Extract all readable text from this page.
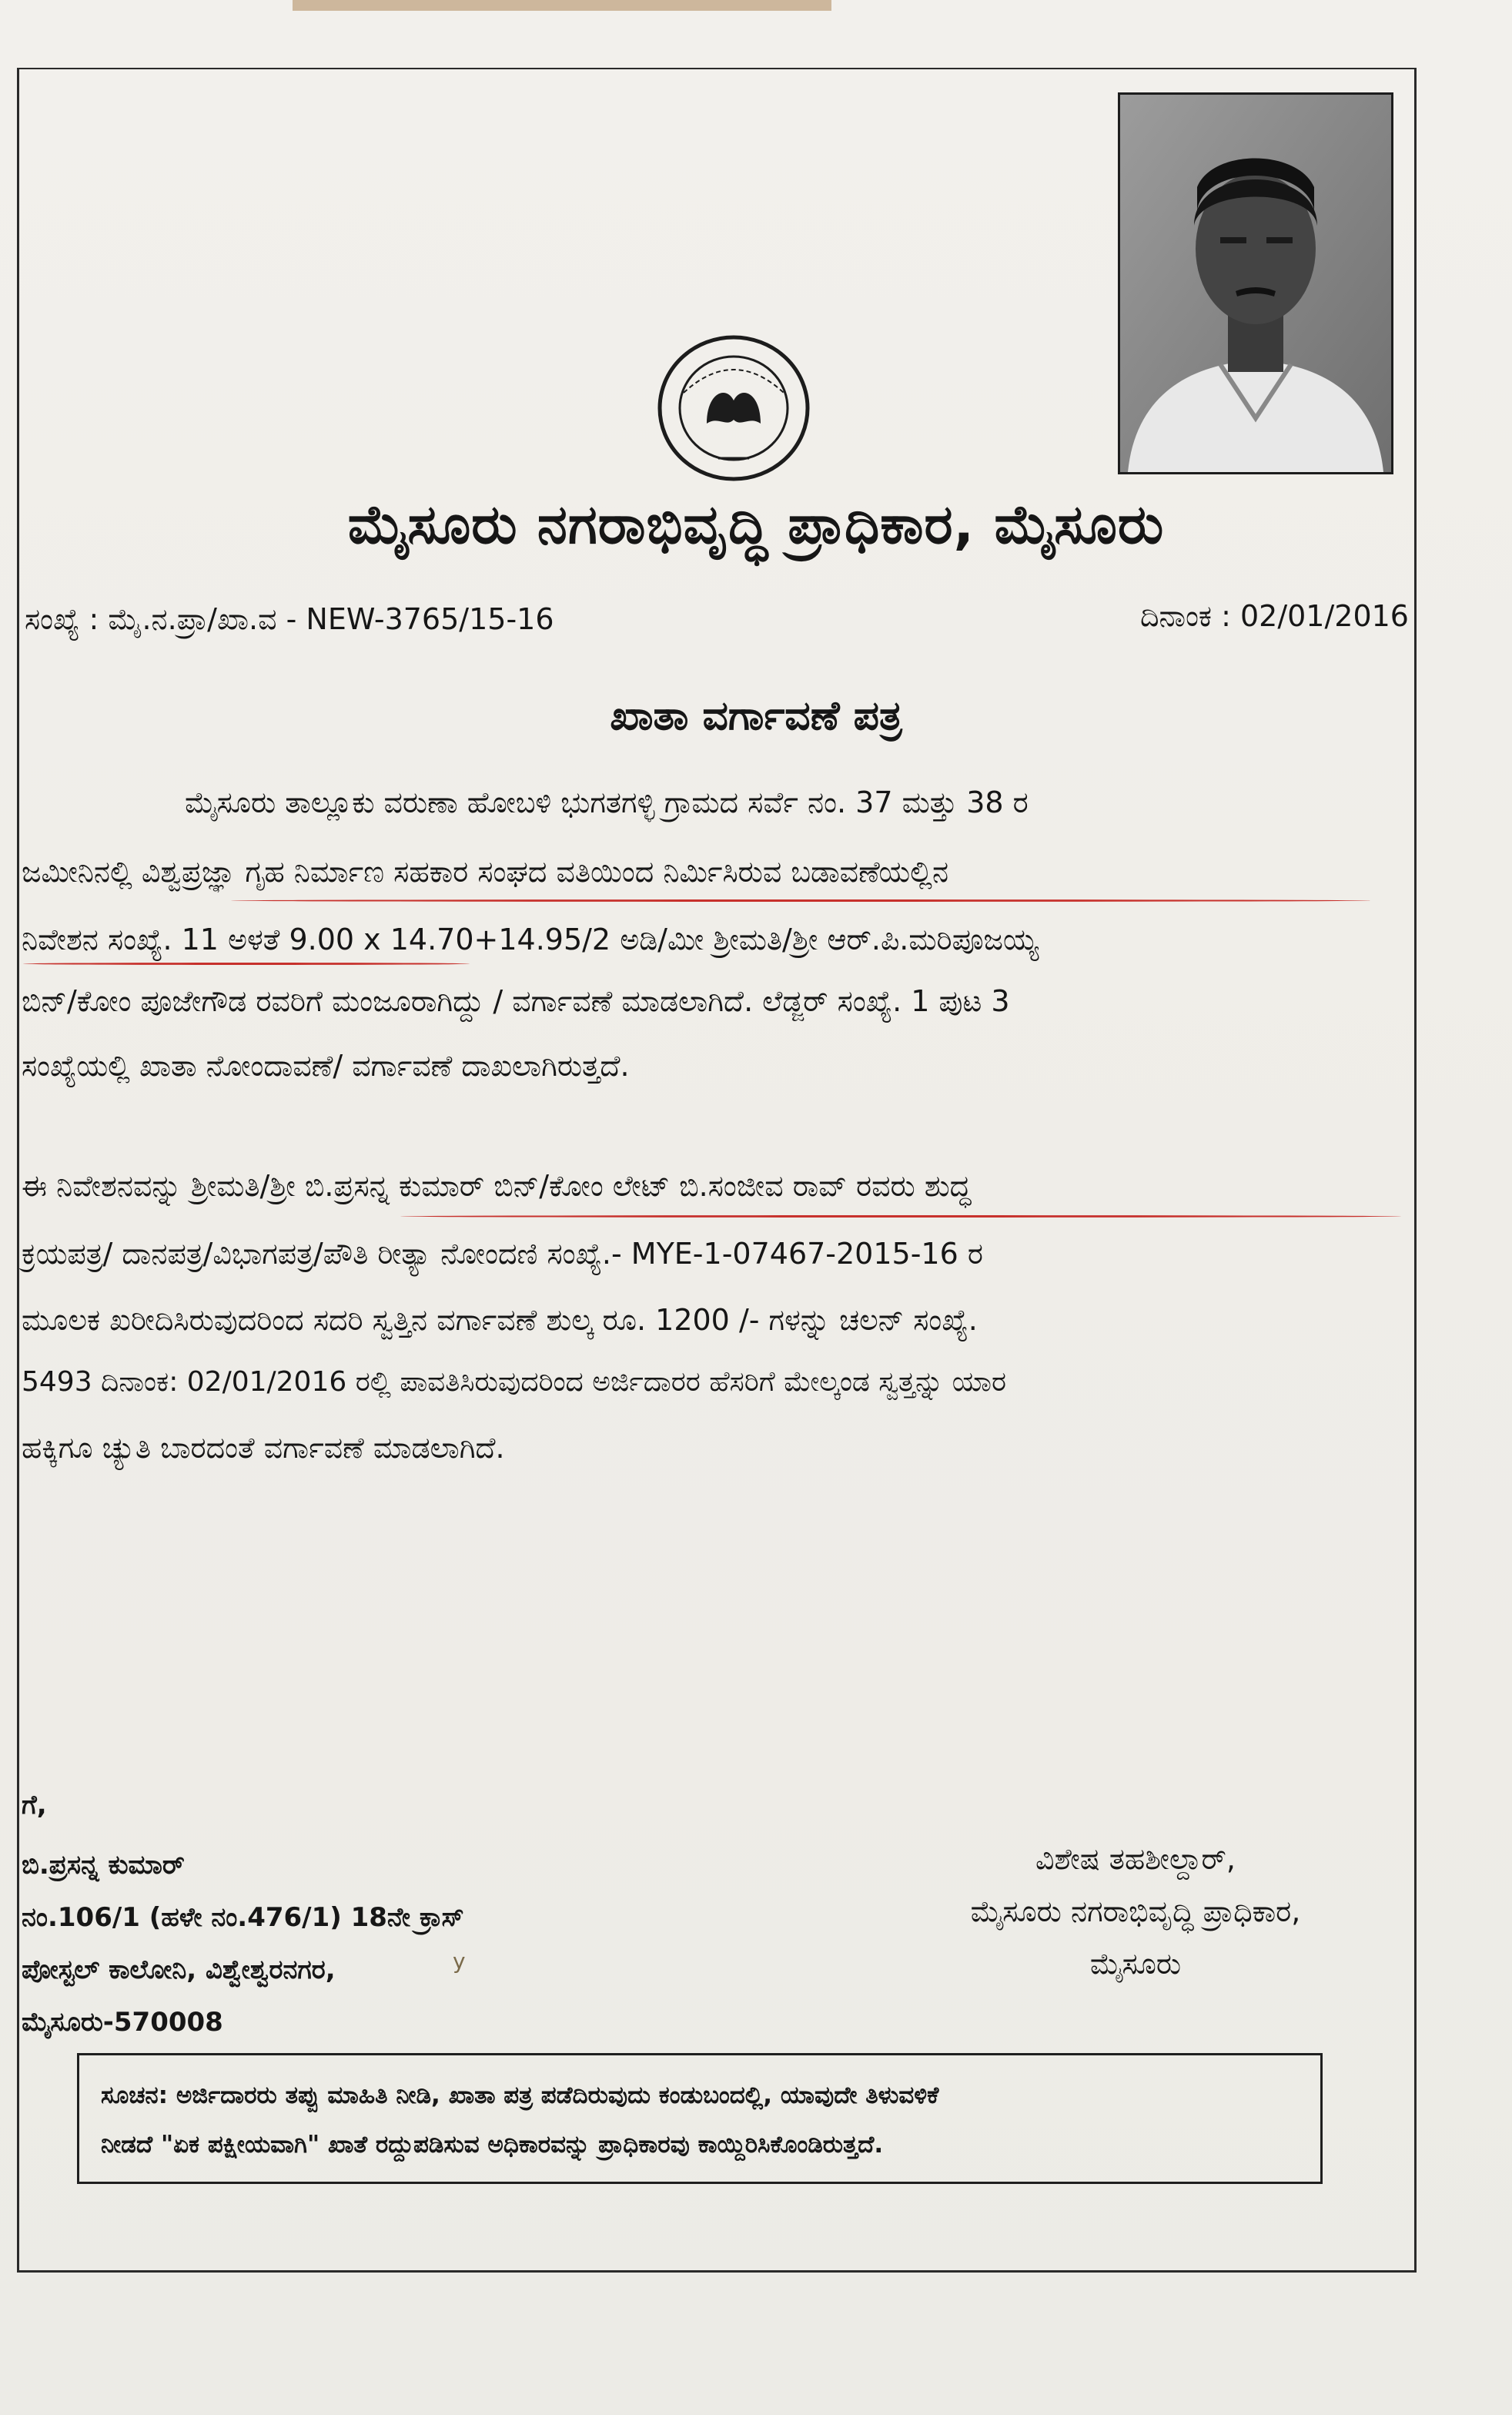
ಮೈಸೂರು ನಗರಾಭಿವೃದ್ಧಿ ಪ್ರಾಧಿಕಾರ, ಮೈಸೂರು
ಸಂಖ್ಯೆ : ಮೈ.ನ.ಪ್ರಾ/ಖಾ.ವ - NEW-3765/15-16	ದಿನಾಂಕ : 02/01/2016
ಖಾತಾ ವರ್ಗಾವಣೆ ಪತ್ರ
ಮೈಸೂರು ತಾಲ್ಲೂಕು ವರುಣಾ ಹೋಬಳಿ ಭುಗತಗಳ್ಳಿ ಗ್ರಾಮದ ಸರ್ವೆ ನಂ. 37 ಮತ್ತು 38 ರ
ಜಮೀನಿನಲ್ಲಿ ವಿಶ್ವಪ್ರಜ್ಞಾ ಗೃಹ ನಿರ್ಮಾಣ ಸಹಕಾರ ಸಂಘದ ವತಿಯಿಂದ ನಿರ್ಮಿಸಿರುವ ಬಡಾವಣೆಯಲ್ಲಿನ
ನಿವೇಶನ ಸಂಖ್ಯೆ. 11 ಅಳತೆ 9.00 x 14.70+14.95/2 ಅಡಿ/ಮೀ ಶ್ರೀಮತಿ/ಶ್ರೀ ಆರ್.ಪಿ.ಮರಿಪೂಜಯ್ಯ
ಬಿನ್/ಕೋಂ ಪೂಜೇಗೌಡ ರವರಿಗೆ ಮಂಜೂರಾಗಿದ್ದು / ವರ್ಗಾವಣೆ ಮಾಡಲಾಗಿದೆ. ಲೆಡ್ಜರ್ ಸಂಖ್ಯೆ. 1 ಪುಟ 3
ಸಂಖ್ಯೆಯಲ್ಲಿ ಖಾತಾ ನೋಂದಾವಣೆ/ ವರ್ಗಾವಣೆ ದಾಖಲಾಗಿರುತ್ತದೆ.
ಈ ನಿವೇಶನವನ್ನು ಶ್ರೀಮತಿ/ಶ್ರೀ ಬಿ.ಪ್ರಸನ್ನ ಕುಮಾರ್ ಬಿನ್/ಕೋಂ ಲೇಟ್ ಬಿ.ಸಂಜೀವ ರಾವ್ ರವರು ಶುದ್ಧ
ಕ್ರಯಪತ್ರ/ ದಾನಪತ್ರ/ವಿಭಾಗಪತ್ರ/ಪೌತಿ ರೀತ್ಯಾ ನೋಂದಣಿ ಸಂಖ್ಯೆ.- MYE-1-07467-2015-16 ರ
ಮೂಲಕ ಖರೀದಿಸಿರುವುದರಿಂದ ಸದರಿ ಸ್ವತ್ತಿನ ವರ್ಗಾವಣೆ ಶುಲ್ಕ ರೂ. 1200 /- ಗಳನ್ನು ಚಲನ್ ಸಂಖ್ಯೆ.
5493 ದಿನಾಂಕ: 02/01/2016 ರಲ್ಲಿ ಪಾವತಿಸಿರುವುದರಿಂದ ಅರ್ಜಿದಾರರ ಹೆಸರಿಗೆ ಮೇಲ್ಕಂಡ ಸ್ವತ್ತನ್ನು ಯಾರ
ಹಕ್ಕಿಗೂ ಚ್ಯುತಿ ಬಾರದಂತೆ ವರ್ಗಾವಣೆ ಮಾಡಲಾಗಿದೆ.
ಗೆ,
ಬಿ.ಪ್ರಸನ್ನ ಕುಮಾರ್
ನಂ.106/1 (ಹಳೇ ನಂ.476/1) 18ನೇ ಕ್ರಾಸ್
ಪೋಸ್ಟಲ್ ಕಾಲೋನಿ, ವಿಶ್ವೇಶ್ವರನಗರ,
ಮೈಸೂರು-570008
y
ವಿಶೇಷ ತಹಶೀಲ್ದಾರ್,
ಮೈಸೂರು ನಗರಾಭಿವೃದ್ಧಿ ಪ್ರಾಧಿಕಾರ,
ಮೈಸೂರು
ಸೂಚನ: ಅರ್ಜಿದಾರರು ತಪ್ಪು ಮಾಹಿತಿ ನೀಡಿ, ಖಾತಾ ಪತ್ರ ಪಡೆದಿರುವುದು ಕಂಡುಬಂದಲ್ಲಿ, ಯಾವುದೇ ತಿಳುವಳಿಕೆ
ನೀಡದೆ "ಏಕ ಪಕ್ಷೀಯವಾಗಿ" ಖಾತೆ ರದ್ದುಪಡಿಸುವ ಅಧಿಕಾರವನ್ನು ಪ್ರಾಧಿಕಾರವು ಕಾಯ್ದಿರಿಸಿಕೊಂಡಿರುತ್ತದೆ.
